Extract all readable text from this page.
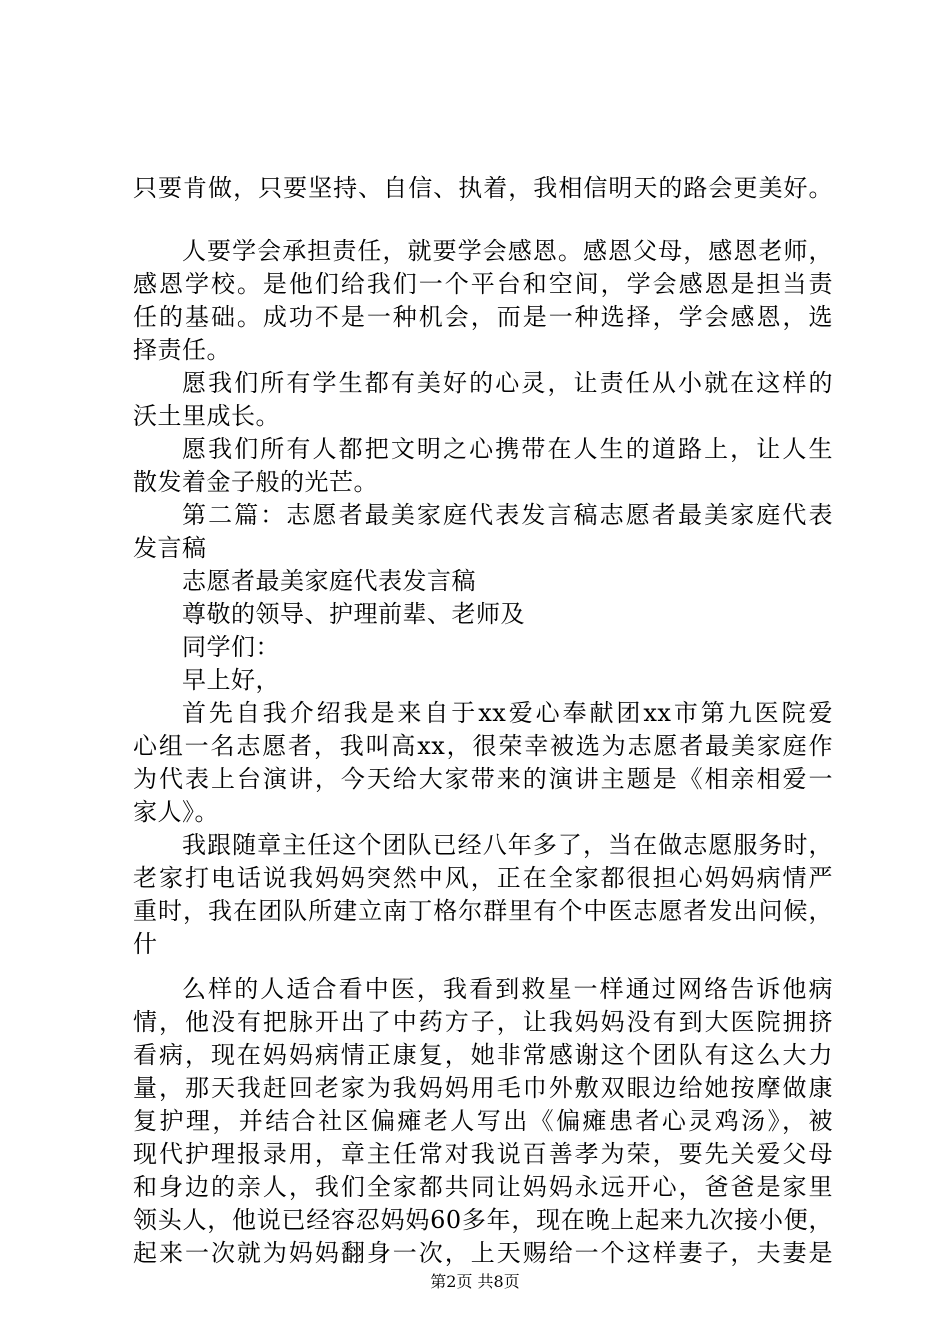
只要肯做，只要坚持、自信、执着，我相信明天的路会更美好。
人要学会承担责任，就要学会感恩。感恩父母，感恩老师，
感恩学校。是他们给我们一个平台和空间，学会感恩是担当责
任的基础。成功不是一种机会，而是一种选择，学会感恩，选
择责任。
愿我们所有学生都有美好的心灵，让责任从小就在这样的
沃土里成长。
愿我们所有人都把文明之心携带在人生的道路上，让人生
散发着金子般的光芒。
第二篇：志愿者最美家庭代表发言稿志愿者最美家庭代表
发言稿
志愿者最美家庭代表发言稿
尊敬的领导、护理前辈、老师及
同学们：
早上好，
首先自我介绍我是来自于xx爱心奉献团xx市第九医院爱
心组一名志愿者，我叫高xx，很荣幸被选为志愿者最美家庭作
为代表上台演讲，今天给大家带来的演讲主题是《相亲相爱一
家人》。
我跟随章主任这个团队已经八年多了，当在做志愿服务时，
老家打电话说我妈妈突然中风，正在全家都很担心妈妈病情严
重时，我在团队所建立南丁格尔群里有个中医志愿者发出问候，
什
么样的人适合看中医，我看到救星一样通过网络告诉他病
情，他没有把脉开出了中药方子，让我妈妈没有到大医院拥挤
看病，现在妈妈病情正康复，她非常感谢这个团队有这么大力
量，那天我赶回老家为我妈妈用毛巾外敷双眼边给她按摩做康
复护理，并结合社区偏瘫老人写出《偏瘫患者心灵鸡汤》，被
现代护理报录用，章主任常对我说百善孝为荣，要先关爱父母
和身边的亲人，我们全家都共同让妈妈永远开心，爸爸是家里
领头人，他说已经容忍妈妈60多年，现在晚上起来九次接小便，
起来一次就为妈妈翻身一次，上天赐给一个这样妻子，夫妻是
第2页 共8页
